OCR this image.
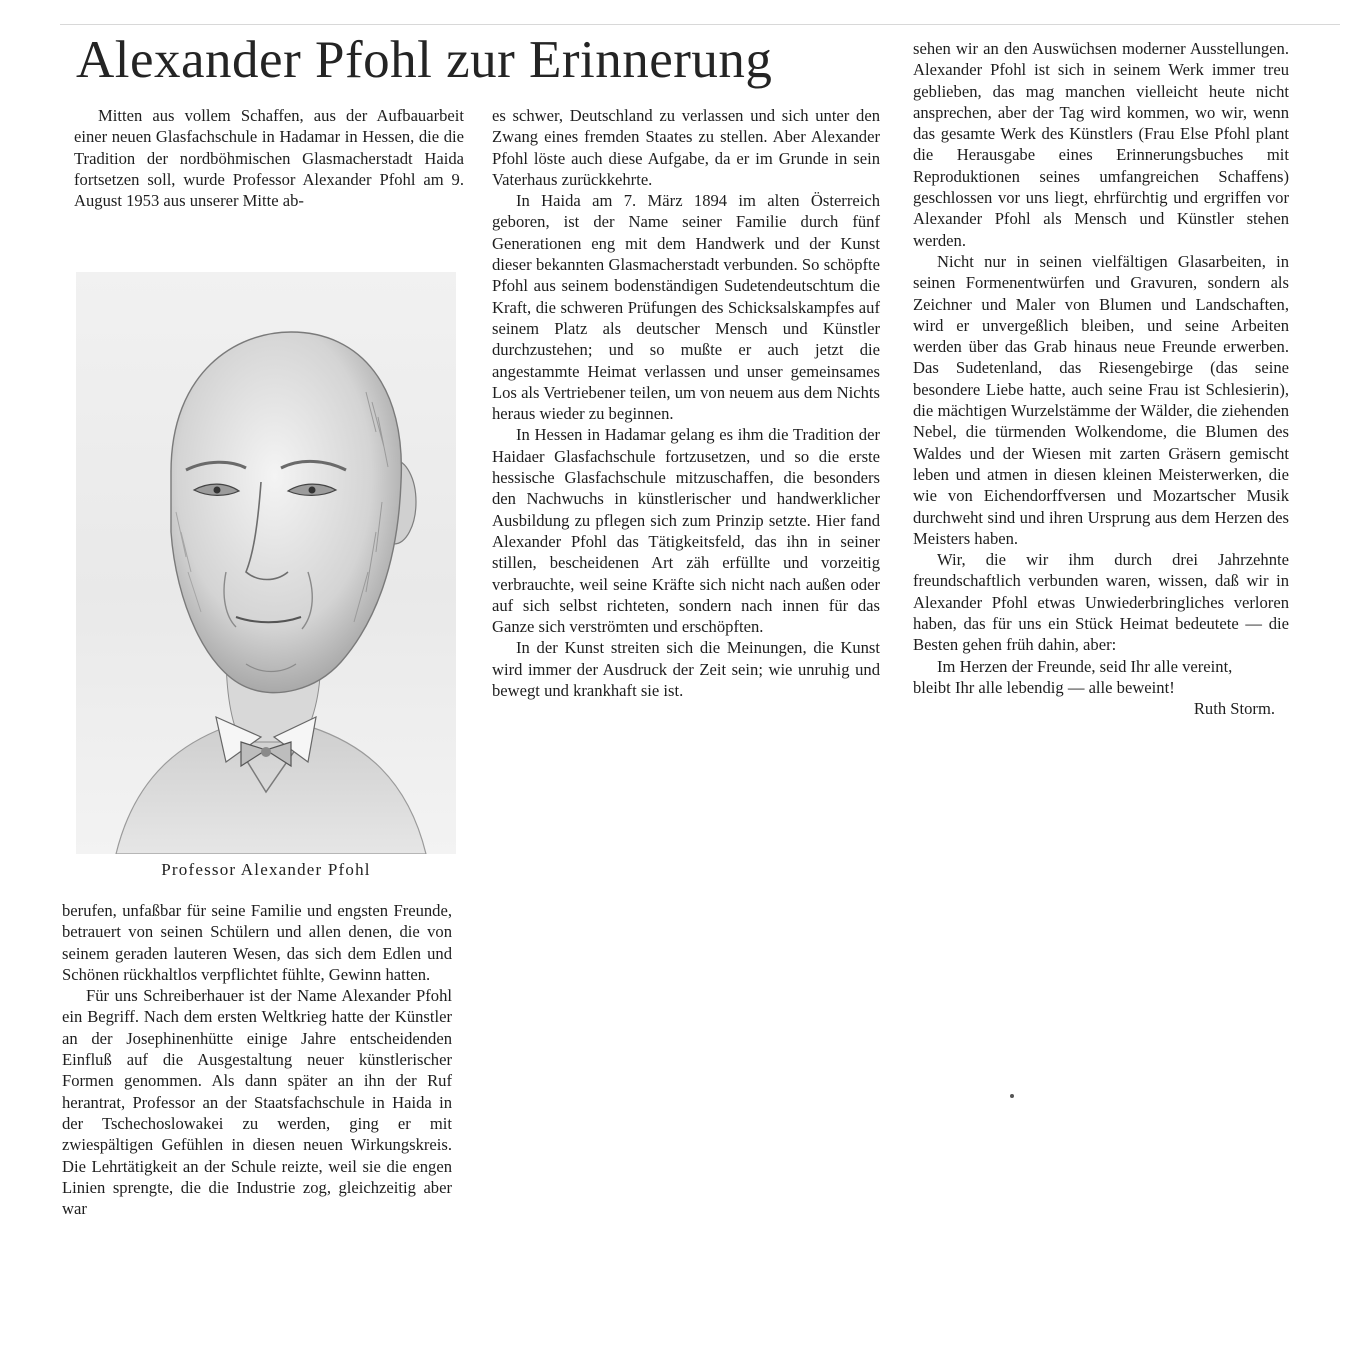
Alexander Pfohl zur Erinnerung

Mitten aus vollem Schaffen, aus der Aufbauarbeit einer neuen Glasfachschule in Hadamar in Hessen, die die Tradition der nordböhmischen Glasmacherstadt Haida fortsetzen soll, wurde Professor Alexander Pfohl am 9. August 1953 aus unserer Mitte ab-

Professor Alexander Pfohl

berufen, unfaßbar für seine Familie und engsten Freunde, betrauert von seinen Schülern und allen denen, die von seinem geraden lauteren Wesen, das sich dem Edlen und Schönen rückhaltlos verpflichtet fühlte, Gewinn hatten.

Für uns Schreiberhauer ist der Name Alexander Pfohl ein Begriff. Nach dem ersten Weltkrieg hatte der Künstler an der Josephinenhütte einige Jahre entscheidenden Einfluß auf die Ausgestaltung neuer künstlerischer Formen genommen. Als dann später an ihn der Ruf herantrat, Professor an der Staatsfachschule in Haida in der Tschechoslowakei zu werden, ging er mit zwiespältigen Gefühlen in diesen neuen Wirkungskreis. Die Lehrtätigkeit an der Schule reizte, weil sie die engen Linien sprengte, die die Industrie zog, gleichzeitig aber war

es schwer, Deutschland zu verlassen und sich unter den Zwang eines fremden Staates zu stellen. Aber Alexander Pfohl löste auch diese Aufgabe, da er im Grunde in sein Vaterhaus zurückkehrte.

In Haida am 7. März 1894 im alten Österreich geboren, ist der Name seiner Familie durch fünf Generationen eng mit dem Handwerk und der Kunst dieser bekannten Glasmacherstadt verbunden. So schöpfte Pfohl aus seinem bodenständigen Sudetendeutschtum die Kraft, die schweren Prüfungen des Schicksalskampfes auf seinem Platz als deutscher Mensch und Künstler durchzustehen; und so mußte er auch jetzt die angestammte Heimat verlassen und unser gemeinsames Los als Vertriebener teilen, um von neuem aus dem Nichts heraus wieder zu beginnen.

In Hessen in Hadamar gelang es ihm die Tradition der Haidaer Glasfachschule fortzusetzen, und so die erste hessische Glasfachschule mitzuschaffen, die besonders den Nachwuchs in künstlerischer und handwerklicher Ausbildung zu pflegen sich zum Prinzip setzte. Hier fand Alexander Pfohl das Tätigkeitsfeld, das ihn in seiner stillen, bescheidenen Art zäh erfüllte und vorzeitig verbrauchte, weil seine Kräfte sich nicht nach außen oder auf sich selbst richteten, sondern nach innen für das Ganze sich verströmten und erschöpften.

In der Kunst streiten sich die Meinungen, die Kunst wird immer der Ausdruck der Zeit sein; wie unruhig und bewegt und krankhaft sie ist.

sehen wir an den Auswüchsen moderner Ausstellungen. Alexander Pfohl ist sich in seinem Werk immer treu geblieben, das mag manchen vielleicht heute nicht ansprechen, aber der Tag wird kommen, wo wir, wenn das gesamte Werk des Künstlers (Frau Else Pfohl plant die Herausgabe eines Erinnerungsbuches mit Reproduktionen seines umfangreichen Schaffens) geschlossen vor uns liegt, ehrfürchtig und ergriffen vor Alexander Pfohl als Mensch und Künstler stehen werden.

Nicht nur in seinen vielfältigen Glasarbeiten, in seinen Formenentwürfen und Gravuren, sondern als Zeichner und Maler von Blumen und Landschaften, wird er unvergeßlich bleiben, und seine Arbeiten werden über das Grab hinaus neue Freunde erwerben. Das Sudetenland, das Riesengebirge (das seine besondere Liebe hatte, auch seine Frau ist Schlesierin), die mächtigen Wurzelstämme der Wälder, die ziehenden Nebel, die türmenden Wolkendome, die Blumen des Waldes und der Wiesen mit zarten Gräsern gemischt leben und atmen in diesen kleinen Meisterwerken, die wie von Eichendorffversen und Mozartscher Musik durchweht sind und ihren Ursprung aus dem Herzen des Meisters haben.

Wir, die wir ihm durch drei Jahrzehnte freundschaftlich verbunden waren, wissen, daß wir in Alexander Pfohl etwas Unwiederbringliches verloren haben, das für uns ein Stück Heimat bedeutete — die Besten gehen früh dahin, aber:

Im Herzen der Freunde, seid Ihr alle vereint,

bleibt Ihr alle lebendig — alle beweint!
Ruth Storm.
